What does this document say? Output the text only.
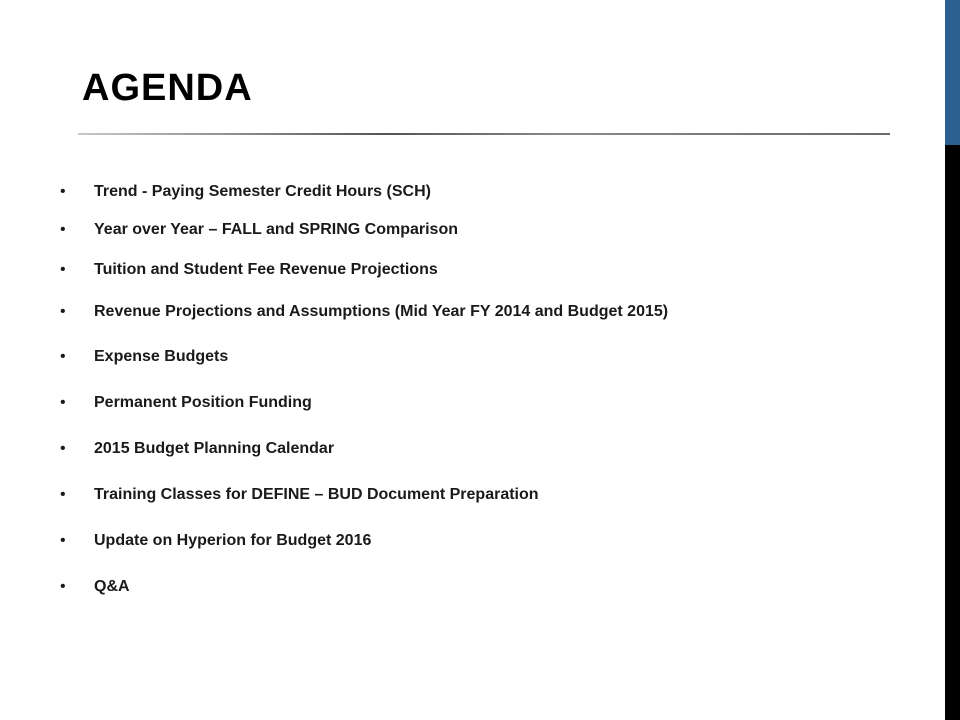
AGENDA
•	Trend - Paying Semester Credit Hours (SCH)
•	Year over Year – FALL and SPRING Comparison
•	Tuition and Student Fee Revenue Projections
•	Revenue Projections and Assumptions (Mid Year FY 2014 and Budget 2015)
•	Expense Budgets
•	Permanent Position Funding
•	2015 Budget Planning Calendar
•	Training Classes for DEFINE – BUD Document Preparation
•	Update on Hyperion for Budget 2016
•	Q&A
